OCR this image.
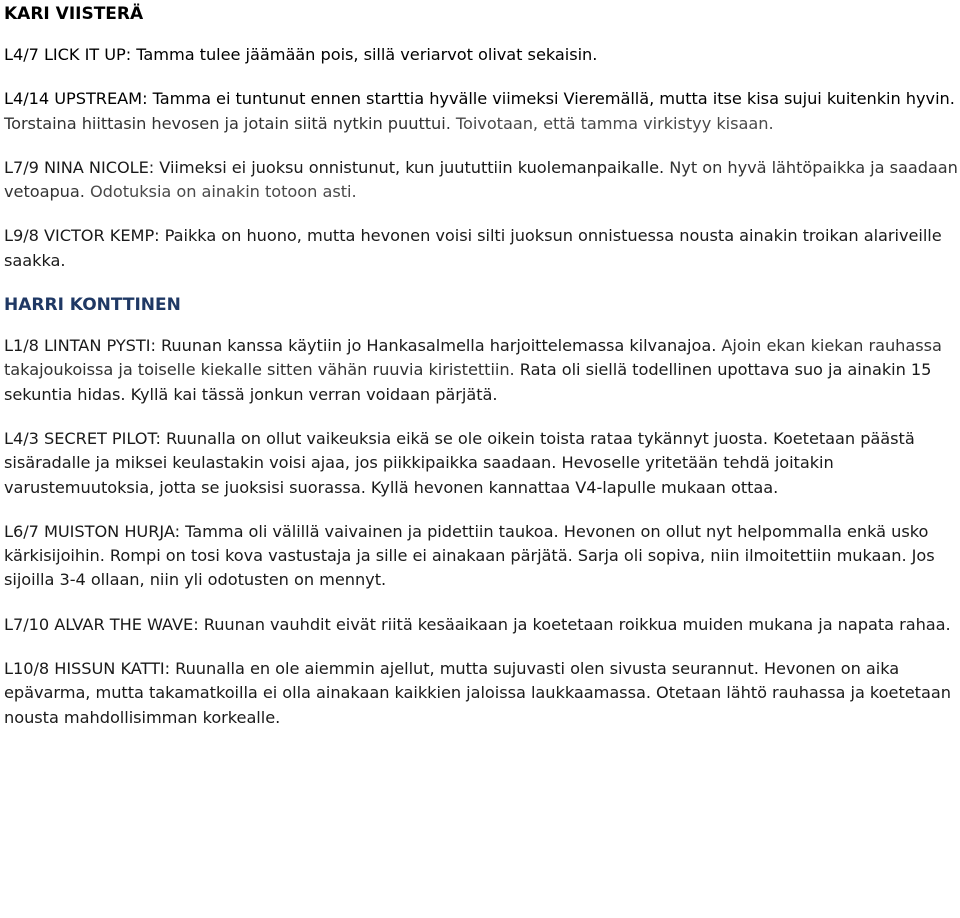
KARI VIISTERÄ

L4/7 LICK IT UP: Tamma tulee jäämään pois, sillä veriarvot olivat sekaisin.

L4/14 UPSTREAM: Tamma ei tuntunut ennen starttia hyvälle viimeksi Vieremällä, mutta itse kisa sujui kuitenkin hyvin. Torstaina hiittasin hevosen ja jotain siitä nytkin puuttui. Toivotaan, että tamma virkistyy kisaan.

L7/9 NINA NICOLE: Viimeksi ei juoksu onnistunut, kun juututtiin kuolemanpaikalle. Nyt on hyvä lähtöpaikka ja saadaan vetoapua. Odotuksia on ainakin totoon asti.

L9/8 VICTOR KEMP: Paikka on huono, mutta hevonen voisi silti juoksun onnistuessa nousta ainakin troikan alariveille saakka.

HARRI KONTTINEN

L1/8 LINTAN PYSTI: Ruunan kanssa käytiin jo Hankasalmella harjoittelemassa kilvanajoa. Ajoin ekan kiekan rauhassa takajoukoissa ja toiselle kiekalle sitten vähän ruuvia kiristettiin. Rata oli siellä todellinen upottava suo ja ainakin 15 sekuntia hidas. Kyllä kai tässä jonkun verran voidaan pärjätä.

L4/3 SECRET PILOT: Ruunalla on ollut vaikeuksia eikä se ole oikein toista rataa tykännyt juosta. Koetetaan päästä sisäradalle ja miksei keulastakin voisi ajaa, jos piikkipaikka saadaan. Hevoselle yritetään tehdä joitakin varustemuutoksia, jotta se juoksisi suorassa. Kyllä hevonen kannattaa V4-lapulle mukaan ottaa.

L6/7 MUISTON HURJA: Tamma oli välillä vaivainen ja pidettiin taukoa. Hevonen on ollut nyt helpommalla enkä usko kärkisijoihin. Rompi on tosi kova vastustaja ja sille ei ainakaan pärjätä. Sarja oli sopiva, niin ilmoitettiin mukaan. Jos sijoilla 3-4 ollaan, niin yli odotusten on mennyt.

L7/10 ALVAR THE WAVE: Ruunan vauhdit eivät riitä kesäaikaan ja koetetaan roikkua muiden mukana ja napata rahaa.

L10/8 HISSUN KATTI: Ruunalla en ole aiemmin ajellut, mutta sujuvasti olen sivusta seurannut. Hevonen on aika epävarma, mutta takamatkoilla ei olla ainakaan kaikkien jaloissa laukkaamassa. Otetaan lähtö rauhassa ja koetetaan nousta mahdollisimman korkealle.
